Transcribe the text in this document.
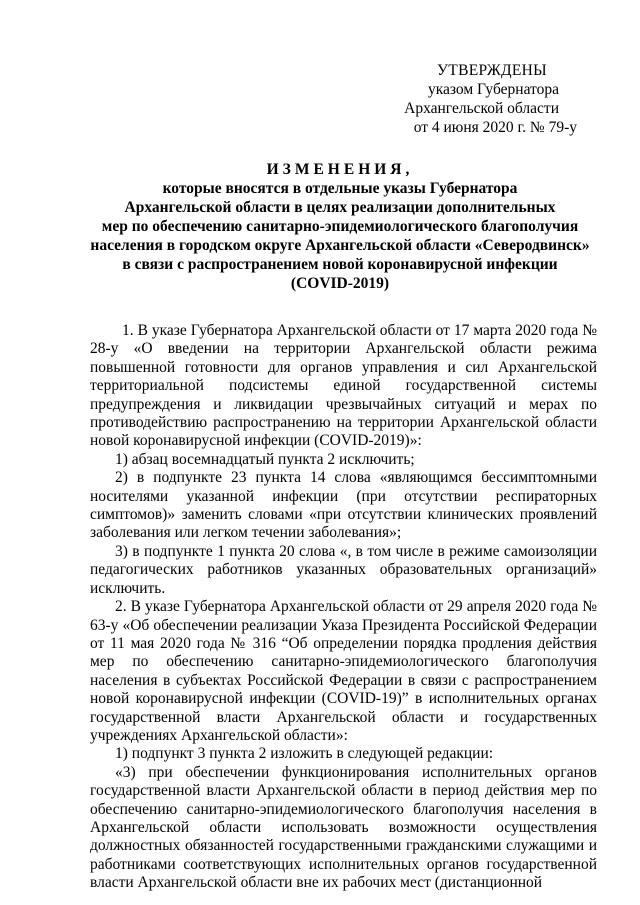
УТВЕРЖДЕНЫ
указом Губернатора
Архангельской области
от 4 июня 2020 г. № 79-у
ИЗМЕНЕНИЯ,
которые вносятся в отдельные указы Губернатора
Архангельской области в целях реализации дополнительных
мер по обеспечению санитарно-эпидемиологического благополучия
населения в городском округе Архангельской области «Северодвинск»
в связи с распространением новой коронавирусной инфекции
(COVID-2019)

1. В указе Губернатора Архангельской области от 17 марта 2020 года № 28-у «О введении на территории Архангельской области режима повышенной готовности для органов управления и сил Архангельской территориальной подсистемы единой государственной системы предупреждения и ликвидации чрезвычайных ситуаций и мерах по противодействию распространению на территории Архангельской области новой коронавирусной инфекции (COVID-2019)»:

1) абзац восемнадцатый пункта 2 исключить;

2) в подпункте 23 пункта 14 слова «являющимся бессимптомными носителями указанной инфекции (при отсутствии респираторных симптомов)» заменить словами «при отсутствии клинических проявлений заболевания или легком течении заболевания»;

3) в подпункте 1 пункта 20 слова «, в том числе в режиме самоизоляции педагогических работников указанных образовательных организаций» исключить.

2. В указе Губернатора Архангельской области от 29 апреля 2020 года № 63-у «Об обеспечении реализации Указа Президента Российской Федерации от 11 мая 2020 года № 316 “Об определении порядка продления действия мер по обеспечению санитарно-эпидемиологического благополучия населения в субъектах Российской Федерации в связи с распространением новой коронавирусной инфекции (COVID-19)” в исполнительных органах государственной власти Архангельской области и государственных учреждениях Архангельской области»:

1) подпункт 3 пункта 2 изложить в следующей редакции:

«3) при обеспечении функционирования исполнительных органов государственной власти Архангельской области в период действия мер по обеспечению санитарно-эпидемиологического благополучия населения в Архангельской области использовать возможности осуществления должностных обязанностей государственными гражданскими служащими и работниками соответствующих исполнительных органов государственной власти Архангельской области вне их рабочих мест (дистанционной
